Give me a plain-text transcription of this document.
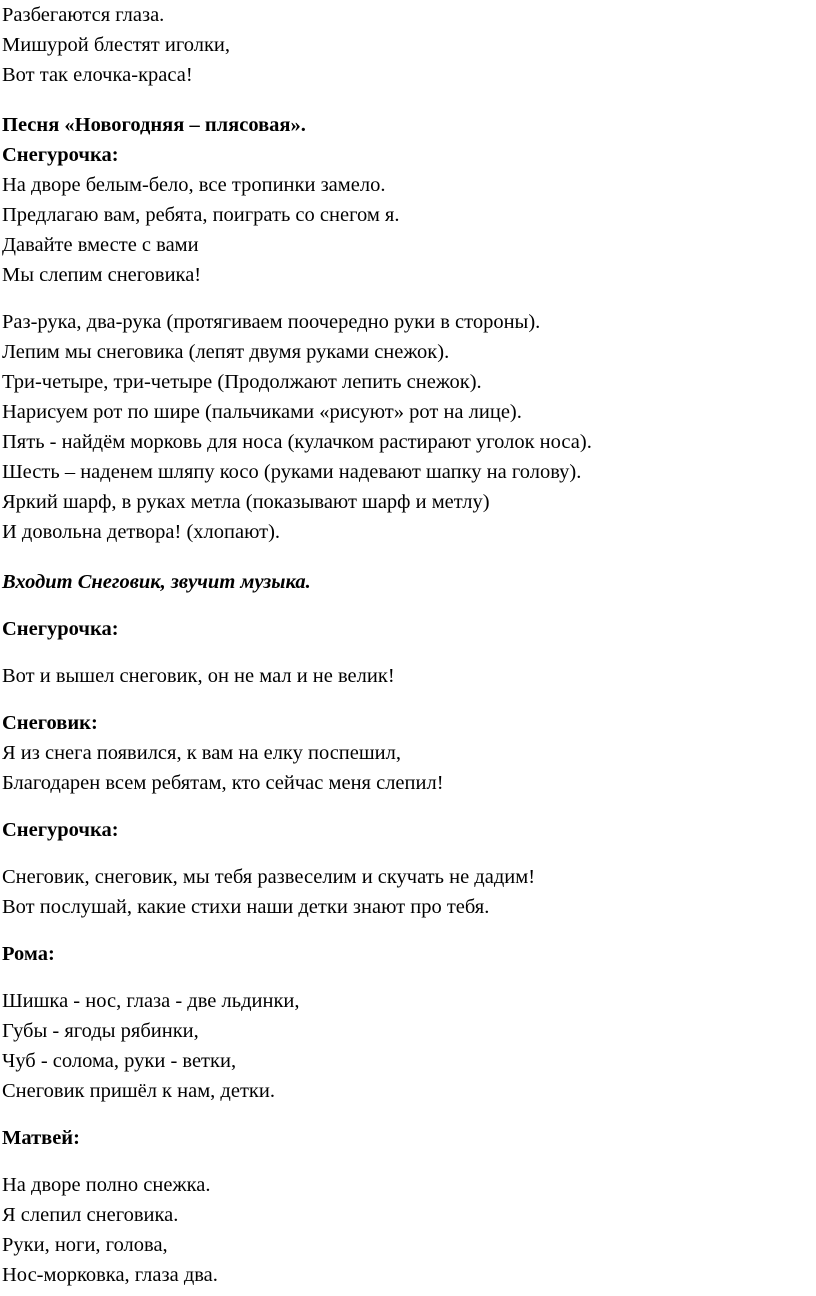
Разбегаются глаза.
Мишурой блестят иголки,
Вот так елочка-краса!
Песня «Новогодняя – плясовая».
Снегурочка:
На дворе белым-бело, все тропинки замело.
Предлагаю вам, ребята, поиграть со снегом я.
Давайте вместе с вами
Мы слепим снеговика!
Раз-рука, два-рука (протягиваем поочередно руки в стороны).
Лепим мы снеговика (лепят двумя руками снежок).
Три-четыре, три-четыре (Продолжают лепить снежок).
Нарисуем рот по шире (пальчиками «рисуют» рот на лице).
Пять - найдём морковь для носа (кулачком растирают уголок носа).
Шесть – наденем шляпу косо (руками надевают шапку на голову).
Яркий шарф, в руках метла (показывают шарф и метлу)
И довольна детвора! (хлопают).
Входит Снеговик, звучит музыка.
Снегурочка:
Вот и вышел снеговик, он не мал и не велик!
Снеговик:
Я из снега появился, к вам на елку поспешил,
Благодарен всем ребятам, кто сейчас меня слепил!
Снегурочка:
Снеговик, снеговик, мы тебя развеселим и скучать не дадим!
Вот послушай, какие стихи наши детки знают про тебя.
Рома:
Шишка - нос, глаза - две льдинки,
Губы - ягоды рябинки,
Чуб - солома, руки - ветки,
Снеговик пришёл к нам, детки.
Матвей:
На дворе полно снежка.
Я слепил снеговика.
Руки, ноги, голова,
Нос-морковка, глаза два.
